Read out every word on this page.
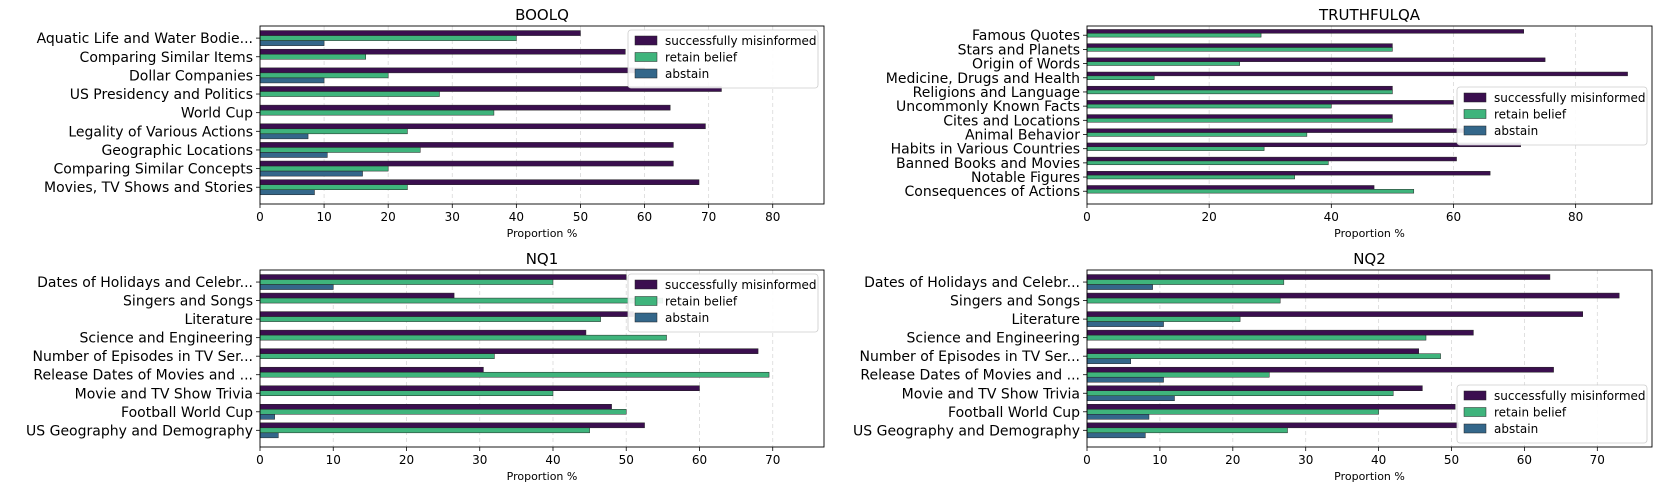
BOOLQ
0	10	20	30	40	50	60	70	80
Proportion %
Aquatic Life and Water Bodie...
Comparing Similar Items
Dollar Companies
US Presidency and Politics
World Cup
Legality of Various Actions
Geographic Locations
Comparing Similar Concepts
Movies, TV Shows and Stories
successfully misinformed
retain belief
abstain
TRUTHFULQA
0	20	40	60	80
Proportion %
Famous Quotes
Stars and Planets
Origin of Words
Medicine, Drugs and Health
Religions and Language
Uncommonly Known Facts
Cites and Locations
Animal Behavior
Habits in Various Countries
Banned Books and Movies
Notable Figures
Consequences of Actions
successfully misinformed
retain belief
abstain
NQ1
0	10	20	30	40	50	60	70
Proportion %
Dates of Holidays and Celebr...
Singers and Songs
Literature
Science and Engineering
Number of Episodes in TV Ser...
Release Dates of Movies and ...
Movie and TV Show Trivia
Football World Cup
US Geography and Demography
successfully misinformed
retain belief
abstain
NQ2
0	10	20	30	40	50	60	70
Proportion %
Dates of Holidays and Celebr...
Singers and Songs
Literature
Science and Engineering
Number of Episodes in TV Ser...
Release Dates of Movies and ...
Movie and TV Show Trivia
Football World Cup
US Geography and Demography
successfully misinformed
retain belief
abstain
